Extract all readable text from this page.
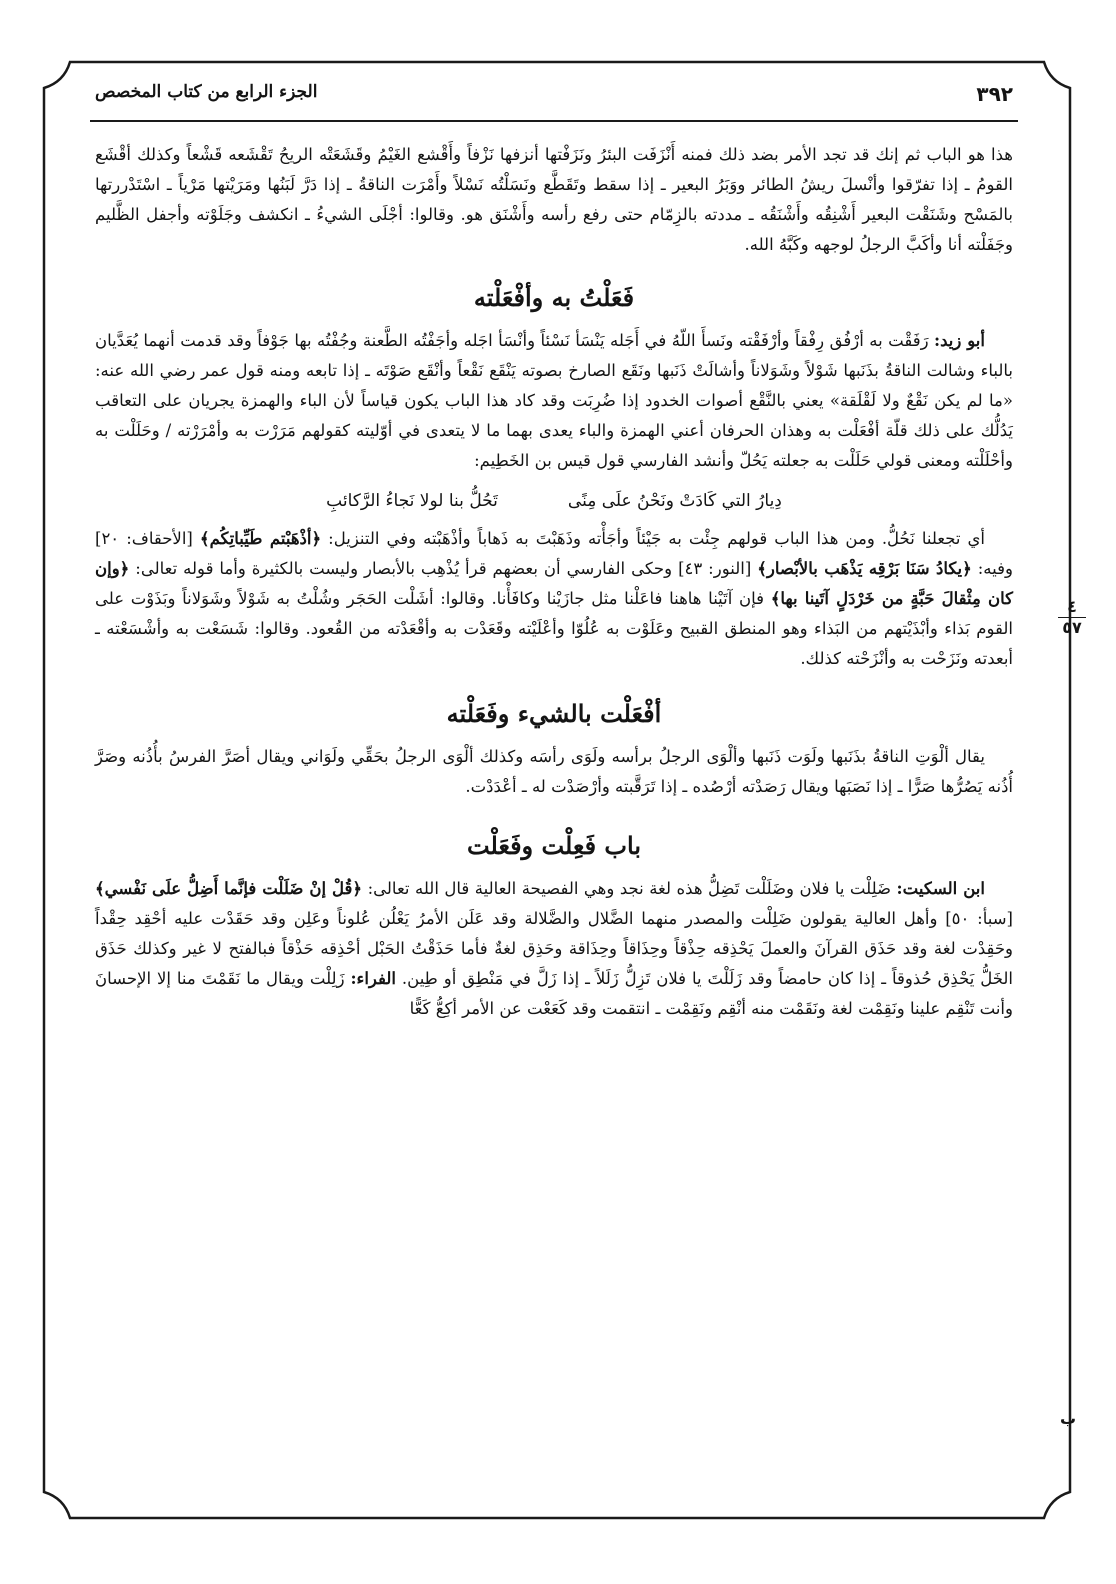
٣٩٢
الجزء الرابع من كتاب المخصص

هذا هو الباب ثم إنك قد تجد الأمر بضد ذلك فمنه أَنْزَفَت البئرُ ونَزَفْتها أنزفها نَزْفاً وأَقْشع الغَيْمُ وقَشَعَتْه الريحُ تَقْشَعه قَشْعاً وكذلك أقْشَع القومُ ـ إذا تفرّقوا وأنْسلَ ريشُ الطائر ووَبَرُ البعير ـ إذا سقط وتَقَطَّع ونَسَلْتُه نَسْلاً وأَمْرَت الناقةُ ـ إذا دَرَّ لَبَنُها ومَرَيْتها مَرْياً ـ اسْتَدْررتها بالمَسْح وشَنَقْت البعير أَشْنِقُه وأَشْنَقُه ـ مددته بالزِمّام حتى رفع رأسه وأَشْنَق هو. وقالوا: أجْلَى الشيءُ ـ انكشف وجَلَوْته وأجفل الظَّليم وجَفَلْته أنا وأكَبَّ الرجلُ لوجهه وكَبَّهُ الله.

فَعَلْتُ به وأفْعَلْته

أبو زيد: رَفَقْت به أرْفُق رِفْقاً وأرْفَقْته ونَسأَ اللّهُ في أَجَله يَنْسَأ نَسْئاً وأنْسَأ اجَله وأجَفْتُه الطَّعنة وجُفْتُه بها جَوْفاً وقد قدمت أنهما يُعَدَّيان بالباء وشالت الناقةُ بذَنَبها شَوْلاً وشَوَلاناً وأشالَتْ ذَنَبها ونَقَع الصارخ بصوته يَنْقَع نَقْعاً وأنْقَع صَوْتَه ـ إذا تابعه ومنه قول عمر رضي الله عنه: «ما لم يكن نَقْعٌ ولا لَقْلَقة» يعني بالنَّقْع أصوات الخدود إذا ضُرِبَت وقد كاد هذا الباب يكون قياساً لأن الباء والهمزة يجريان على التعاقب يَدُلُّك على ذلك قلّة أفْعَلْت به وهذان الحرفان أعني الهمزة والباء يعدى بهما ما لا يتعدى في أوّليته كقولهم مَرَرْت به وأمْرَرْته / وحَلَلْت به وأحْلَلْته ومعنى قولي حَلَلْت به جعلته يَحُلّ وأنشد الفارسي قول قيس بن الخَطِيم:

دِيارُ التي كَادَتْ ونَحْنُ علَى مِنًى
تَحُلُّ بنا لولا نَجاءُ الرَّكائبِ

أي تجعلنا نَحُلُّ. ومن هذا الباب قولهم جِئْت به جَيْئاً وأجَأْته وذَهَبْتَ به ذَهاباً وأذْهَبْته وفي التنزيل: ﴿أذْهَبْتم طَيِّباتِكُم﴾ [الأحقاف: ٢٠] وفيه: ﴿يكادُ سَنَا بَرْقِه يَذْهَب بالأبْصار﴾ [النور: ٤٣] وحكى الفارسي أن بعضهم قرأ يُذْهِب بالأبصار وليست بالكثيرة وأما قوله تعالى: ﴿وإن كان مِثْقالَ حَبَّةٍ من خَرْدَلٍ آتَينا بها﴾ فإن آتَيْنا هاهنا فاعَلْنا مثل جازَيْنا وكافَأْنا. وقالوا: أشَلْت الحَجَر وشُلْتُ به شَوْلاً وشَوَلاناً وبَذَوْت على القوم بَذاء وأبْذَيْتهم من البَذاء وهو المنطق القبيح وعَلَوْت به عُلُوّا وأعْلَيْته وقَعَدْت به وأقْعَدْته من القُعود. وقالوا: شَسَعْت به وأشْسَعْته ـ أبعدته ونَزَحْت به وأنْزَحْته كذلك.

أفْعَلْت بالشيء وفَعَلْته

يقال ألْوَتِ الناقةُ بذَنَبها ولَوَت ذَنَبها وألْوَى الرجلُ برأسه ولَوَى رأسَه وكذلك ألْوَى الرجلُ بحَقِّي ولَوَاني ويقال أصَرَّ الفرسُ بأُذُنه وصَرَّ أُذُنه يَصُرُّها صَرًّا ـ إذا نَصَبَها ويقال رَصَدْته أرْصُده ـ إذا تَرَقَّبته وأرْصَدْت له ـ أعْدَدْت.

باب فَعِلْت وفَعَلْت

ابن السكيت: ضَلِلْت يا فلان وضَلَلْت تَضِلُّ هذه لغة نجد وهي الفصيحة العالية قال الله تعالى: ﴿قُلْ إنْ ضَلَلْت فإنَّما أَضِلُّ علَى نَفْسي﴾ [سبأ: ٥٠] وأهل العالية يقولون ضَلِلْت والمصدر منهما الضَّلال والضَّلالة وقد عَلَن الأمرُ يَعْلُن عُلوناً وعَلِن وقد حَقَدْت عليه أحْقِد حِقْداً وحَقِدْت لغة وقد حَذَق القرآنَ والعملَ يَحْذِقه حِذْقاً وحِذَاقاً وحِذَاقة وحَذِق لغةٌ فأما حَذَقْتُ الحَبْل أحْذِقه حَذْقاً فبالفتح لا غير وكذلك حَذَق الخَلُّ يَحْذِق حُذوقاً ـ إذا كان حامضاً وقد زَلَلْتَ يا فلان تَزِلُّ زَلَلاً ـ إذا زَلَّ في مَنْطِق أو طِين. الفراء: زَلِلْت ويقال ما نَقَمْتَ منا إلا الإحسانَ وأنت تَنْقِم علينا ونَقِمْت لغة ونَقَمْت منه أنْقِم ونَقِمْت ـ انتقمت وقد كَعَعْت عن الأمر أكِعُّ كَعًّا

٤
٥٧
ب
